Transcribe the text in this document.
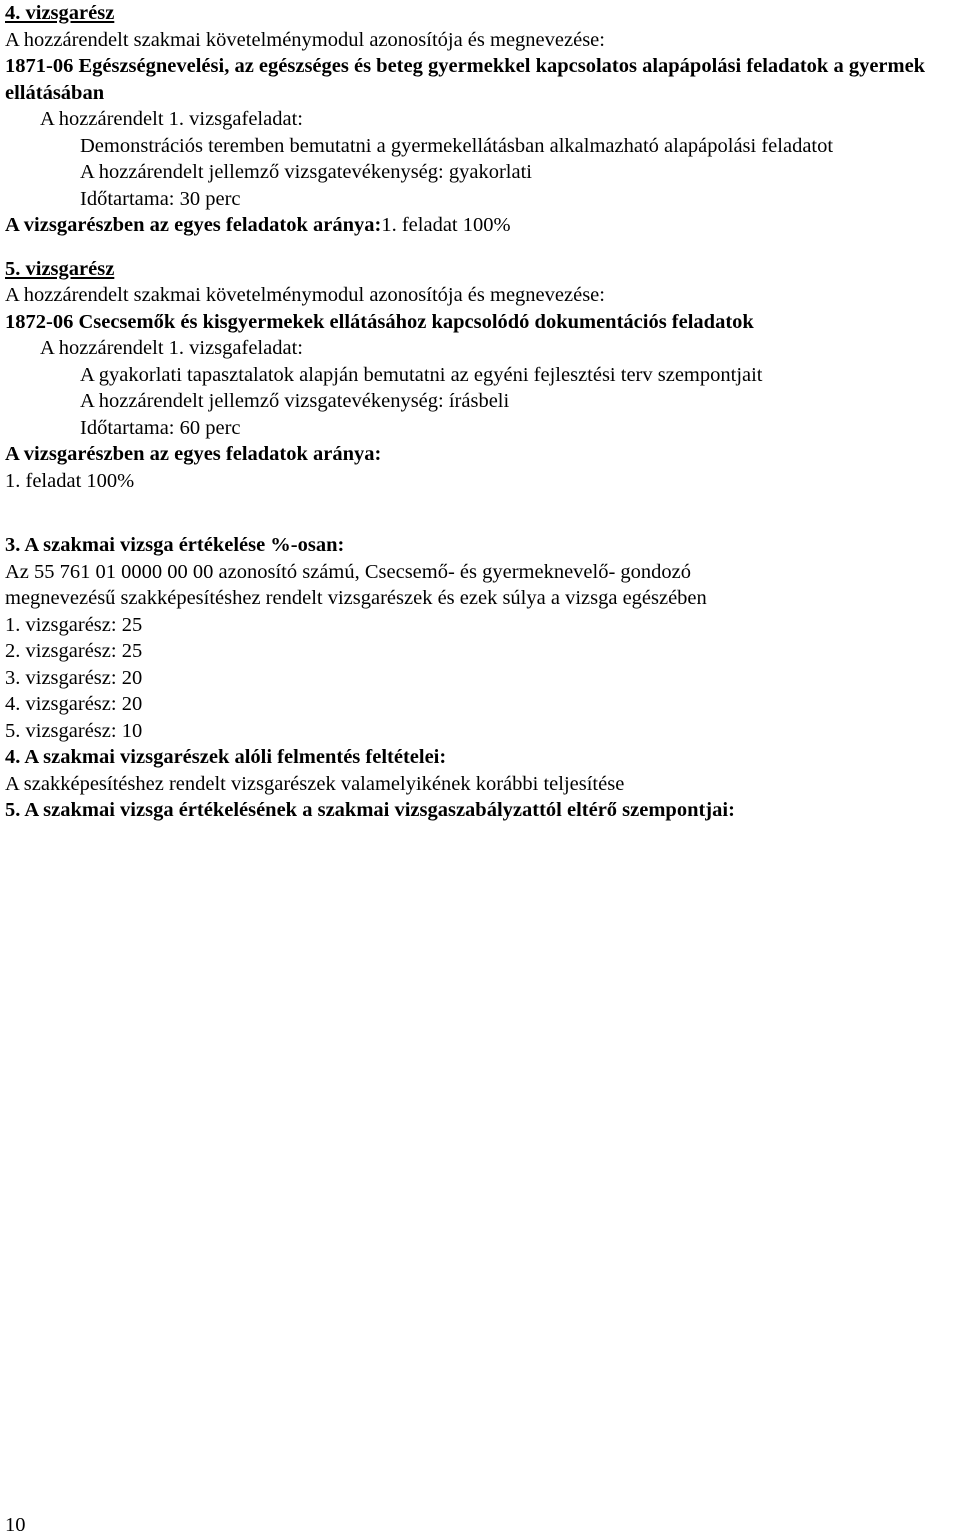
4. vizsgarész
A hozzárendelt szakmai követelménymodul azonosítója és megnevezése:
1871-06 Egészségnevelési, az egészséges és beteg gyermekkel kapcsolatos alapápolási feladatok a gyermek ellátásában
A hozzárendelt 1. vizsgafeladat:
Demonstrációs teremben bemutatni a gyermekellátásban alkalmazható alapápolási feladatot
A hozzárendelt jellemző vizsgatevékenység: gyakorlati
Időtartama: 30 perc
A vizsgarészben az egyes feladatok aránya:1. feladat 100%
5. vizsgarész
A hozzárendelt szakmai követelménymodul azonosítója és megnevezése:
1872-06 Csecsemők és kisgyermekek ellátásához kapcsolódó dokumentációs feladatok
A hozzárendelt 1. vizsgafeladat:
A gyakorlati tapasztalatok alapján bemutatni az egyéni fejlesztési terv szempontjait
A hozzárendelt jellemző vizsgatevékenység: írásbeli
Időtartama: 60 perc
A vizsgarészben az egyes feladatok aránya:
1. feladat 100%
3. A szakmai vizsga értékelése %-osan:
Az 55 761 01 0000 00 00 azonosító számú, Csecsemő- és gyermeknevelő- gondozó
megnevezésű szakképesítéshez rendelt vizsgarészek és ezek súlya a vizsga egészében
1. vizsgarész: 25
2. vizsgarész: 25
3. vizsgarész: 20
4. vizsgarész: 20
5. vizsgarész: 10
4. A szakmai vizsgarészek alóli felmentés feltételei:
A szakképesítéshez rendelt vizsgarészek valamelyikének korábbi teljesítése
5. A szakmai vizsga értékelésének a szakmai vizsgaszabályzattól eltérő szempontjai:
10
